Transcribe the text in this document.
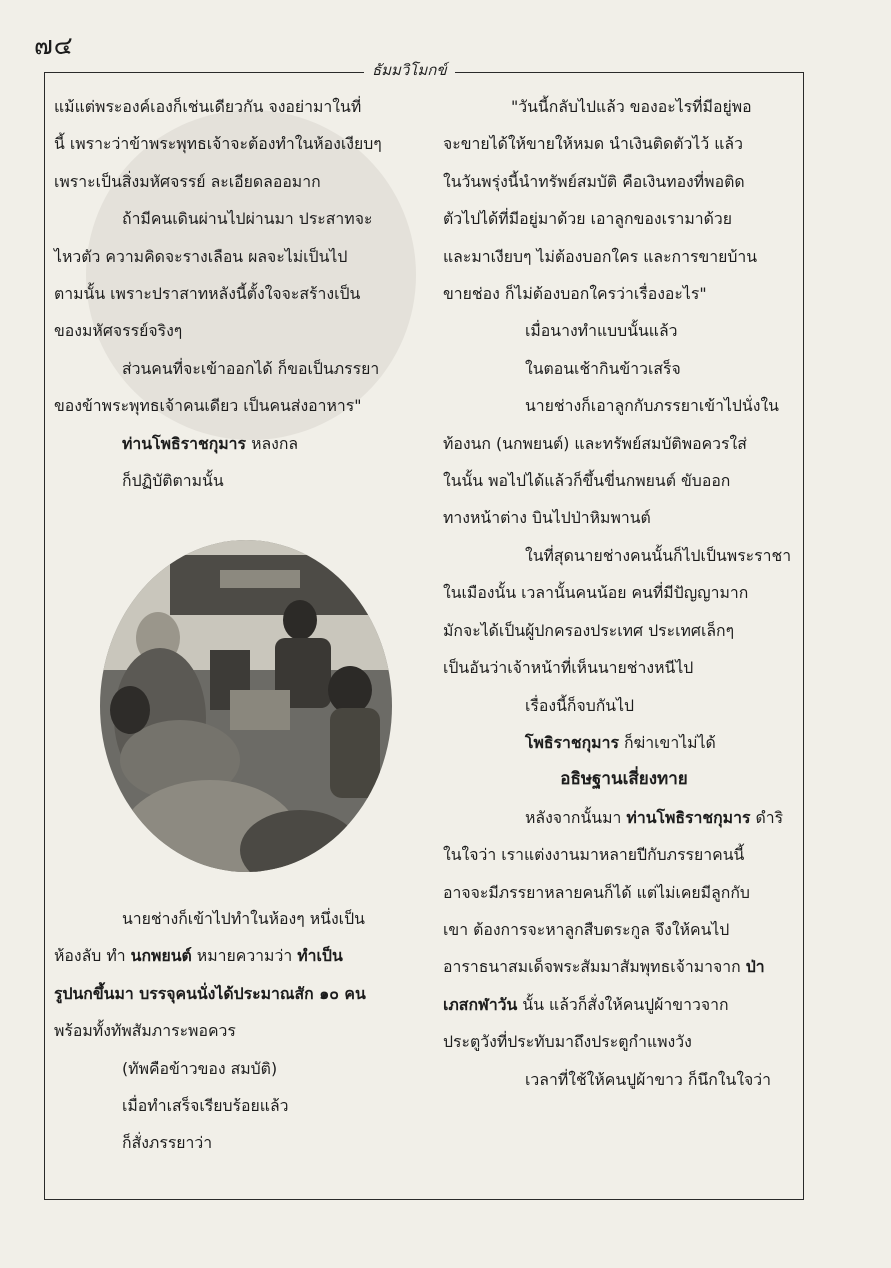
๗๔
ธัมมวิโมกข์

แม้แต่พระองค์เองก็เช่นเดียวกัน จงอย่ามาในที่

นี้ เพราะว่าข้าพระพุทธเจ้าจะต้องทำในห้องเงียบๆ

เพราะเป็นสิ่งมหัศจรรย์ ละเอียดลออมาก

ถ้ามีคนเดินผ่านไปผ่านมา ประสาทจะ

ไหวตัว ความคิดจะรางเลือน ผลจะไม่เป็นไป

ตามนั้น เพราะปราสาทหลังนี้ตั้งใจจะสร้างเป็น

ของมหัศจรรย์จริงๆ

ส่วนคนที่จะเข้าออกได้ ก็ขอเป็นภรรยา

ของข้าพระพุทธเจ้าคนเดียว เป็นคนส่งอาหาร"

ท่านโพธิราชกุมาร หลงกล

ก็ปฏิบัติตามนั้น

นายช่างก็เข้าไปทำในห้องๆ หนึ่งเป็น

ห้องลับ ทำ นกพยนต์ หมายความว่า ทำเป็น

รูปนกขึ้นมา บรรจุคนนั่งได้ประมาณสัก ๑๐ คน

พร้อมทั้งทัพสัมภาระพอควร

(ทัพคือข้าวของ สมบัติ)

เมื่อทำเสร็จเรียบร้อยแล้ว

ก็สั่งภรรยาว่า

"วันนี้กลับไปแล้ว ของอะไรที่มีอยู่พอ

จะขายได้ให้ขายให้หมด นำเงินติดตัวไว้ แล้ว

ในวันพรุ่งนี้นำทรัพย์สมบัติ คือเงินทองที่พอติด

ตัวไปได้ที่มีอยู่มาด้วย เอาลูกของเรามาด้วย

และมาเงียบๆ ไม่ต้องบอกใคร และการขายบ้าน

ขายช่อง ก็ไม่ต้องบอกใครว่าเรื่องอะไร"

เมื่อนางทำแบบนั้นแล้ว

ในตอนเช้ากินข้าวเสร็จ

นายช่างก็เอาลูกกับภรรยาเข้าไปนั่งใน

ท้องนก (นกพยนต์) และทรัพย์สมบัติพอควรใส่

ในนั้น พอไปได้แล้วก็ขึ้นขี่นกพยนต์ ขับออก

ทางหน้าต่าง บินไปป่าหิมพานต์

ในที่สุดนายช่างคนนั้นก็ไปเป็นพระราชา

ในเมืองนั้น เวลานั้นคนน้อย คนที่มีปัญญามาก

มักจะได้เป็นผู้ปกครองประเทศ ประเทศเล็กๆ

เป็นอันว่าเจ้าหน้าที่เห็นนายช่างหนีไป

เรื่องนี้ก็จบกันไป

โพธิราชกุมาร ก็ฆ่าเขาไม่ได้

อธิษฐานเสี่ยงทาย

หลังจากนั้นมา ท่านโพธิราชกุมาร ดำริ

ในใจว่า เราแต่งงานมาหลายปีกับภรรยาคนนี้

อาจจะมีภรรยาหลายคนก็ได้ แต่ไม่เคยมีลูกกับ

เขา ต้องการจะหาลูกสืบตระกูล จึงให้คนไป

อาราธนาสมเด็จพระสัมมาสัมพุทธเจ้ามาจาก ป่า

เภสกฬาวัน นั้น แล้วก็สั่งให้คนปูผ้าขาวจาก

ประตูวังที่ประทับมาถึงประตูกำแพงวัง

เวลาที่ใช้ให้คนปูผ้าขาว ก็นึกในใจว่า
